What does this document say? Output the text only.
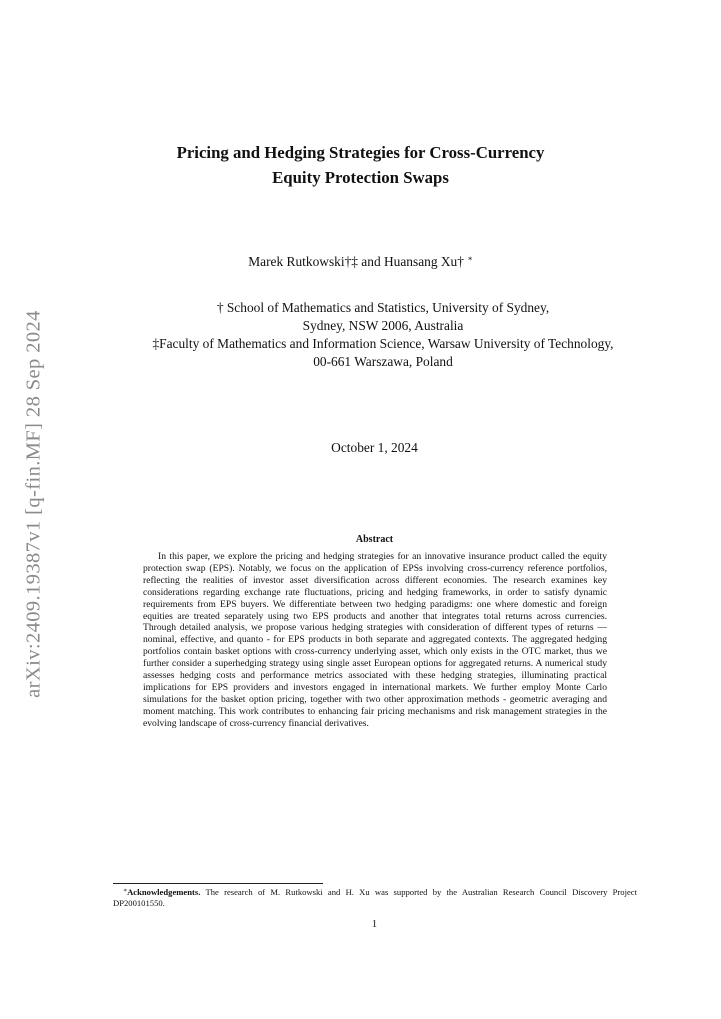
arXiv:2409.19387v1 [q-fin.MF] 28 Sep 2024
Pricing and Hedging Strategies for Cross-Currency
Equity Protection Swaps
Marek Rutkowski†‡ and Huansang Xu† ∗
† School of Mathematics and Statistics, University of Sydney,
Sydney, NSW 2006, Australia
‡Faculty of Mathematics and Information Science, Warsaw University of Technology,
00-661 Warszawa, Poland
October 1, 2024
Abstract
In this paper, we explore the pricing and hedging strategies for an innovative insurance product called the equity protection swap (EPS). Notably, we focus on the application of EPSs involving cross-currency reference portfolios, reflecting the realities of investor asset diversification across different economies. The research examines key considerations regarding exchange rate fluctuations, pricing and hedging frameworks, in order to satisfy dynamic requirements from EPS buyers. We differentiate between two hedging paradigms: one where domestic and foreign equities are treated separately using two EPS products and another that integrates total returns across currencies. Through detailed analysis, we propose various hedging strategies with consideration of different types of returns — nominal, effective, and quanto - for EPS products in both separate and aggregated contexts. The aggregated hedging portfolios contain basket options with cross-currency underlying asset, which only exists in the OTC market, thus we further consider a superhedging strategy using single asset European options for aggregated returns. A numerical study assesses hedging costs and performance metrics associated with these hedging strategies, illuminating practical implications for EPS providers and investors engaged in international markets. We further employ Monte Carlo simulations for the basket option pricing, together with two other approximation methods - geometric averaging and moment matching. This work contributes to enhancing fair pricing mechanisms and risk management strategies in the evolving landscape of cross-currency financial derivatives.
∗Acknowledgements. The research of M. Rutkowski and H. Xu was supported by the Australian Research Council Discovery Project DP200101550.
1
